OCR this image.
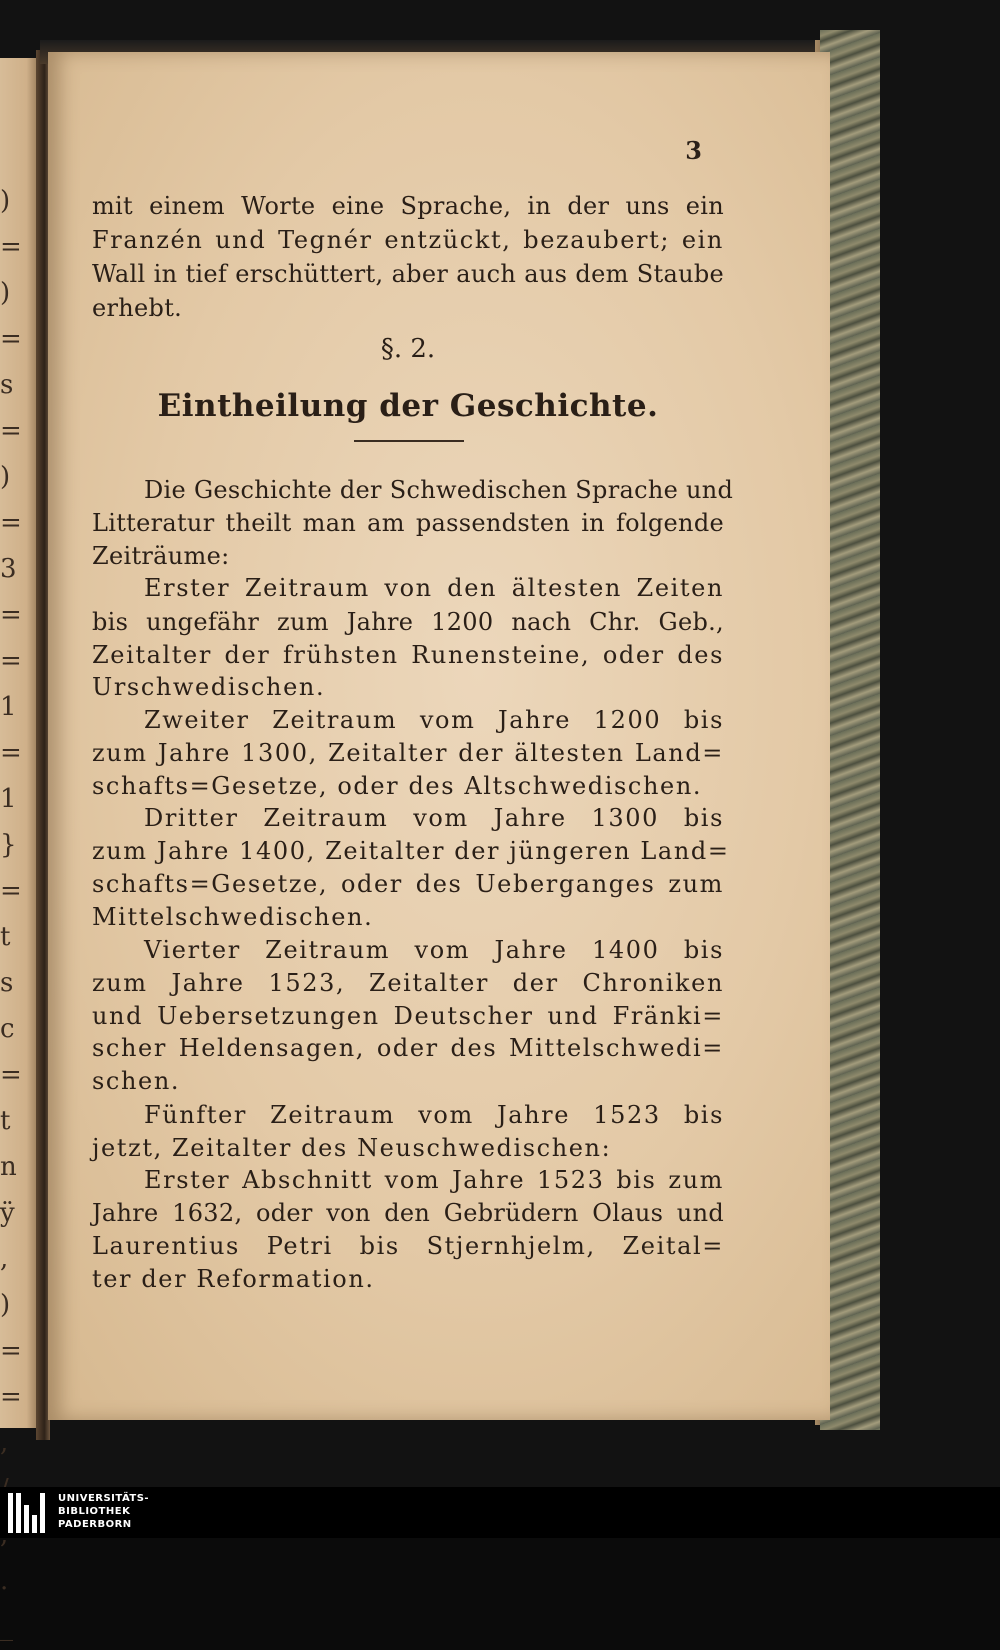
)
=
)
=
s
=
)
=
3
=
=
1
=
1
}
=
t
s
c
=
t
n
ÿ
,
)
=
=
,

.
_
3
mit einem Worte eine Sprache, in der uns ein
Franzén und Tegnér entzückt, bezaubert; ein
Wall in tief erschüttert, aber auch aus dem Staube
erhebt.
§. 2.
Eintheilung der Geschichte.
Die Geschichte der Schwedischen Sprache und
Litteratur theilt man am passendsten in folgende
Zeiträume:
Erster Zeitraum von den ältesten Zeiten
bis ungefähr zum Jahre 1200 nach Chr. Geb.,
Zeitalter der frühsten Runensteine, oder des
Urschwedischen.
Zweiter Zeitraum vom Jahre 1200 bis
zum Jahre 1300, Zeitalter der ältesten Land=
schafts=Gesetze, oder des Altschwedischen.
Dritter Zeitraum vom Jahre 1300 bis
zum Jahre 1400, Zeitalter der jüngeren Land=
schafts=Gesetze, oder des Ueberganges zum
Mittelschwedischen.
Vierter Zeitraum vom Jahre 1400 bis
zum Jahre 1523, Zeitalter der Chroniken
und Uebersetzungen Deutscher und Fränki=
scher Heldensagen, oder des Mittelschwedi=
schen.
Fünfter Zeitraum vom Jahre 1523 bis
jetzt, Zeitalter des Neuschwedischen:
Erster Abschnitt vom Jahre 1523 bis zum
Jahre 1632, oder von den Gebrüdern Olaus und
Laurentius Petri bis Stjernhjelm, Zeital=
ter der Reformation.
UNIVERSITÄTS-
BIBLIOTHEK
PADERBORN
